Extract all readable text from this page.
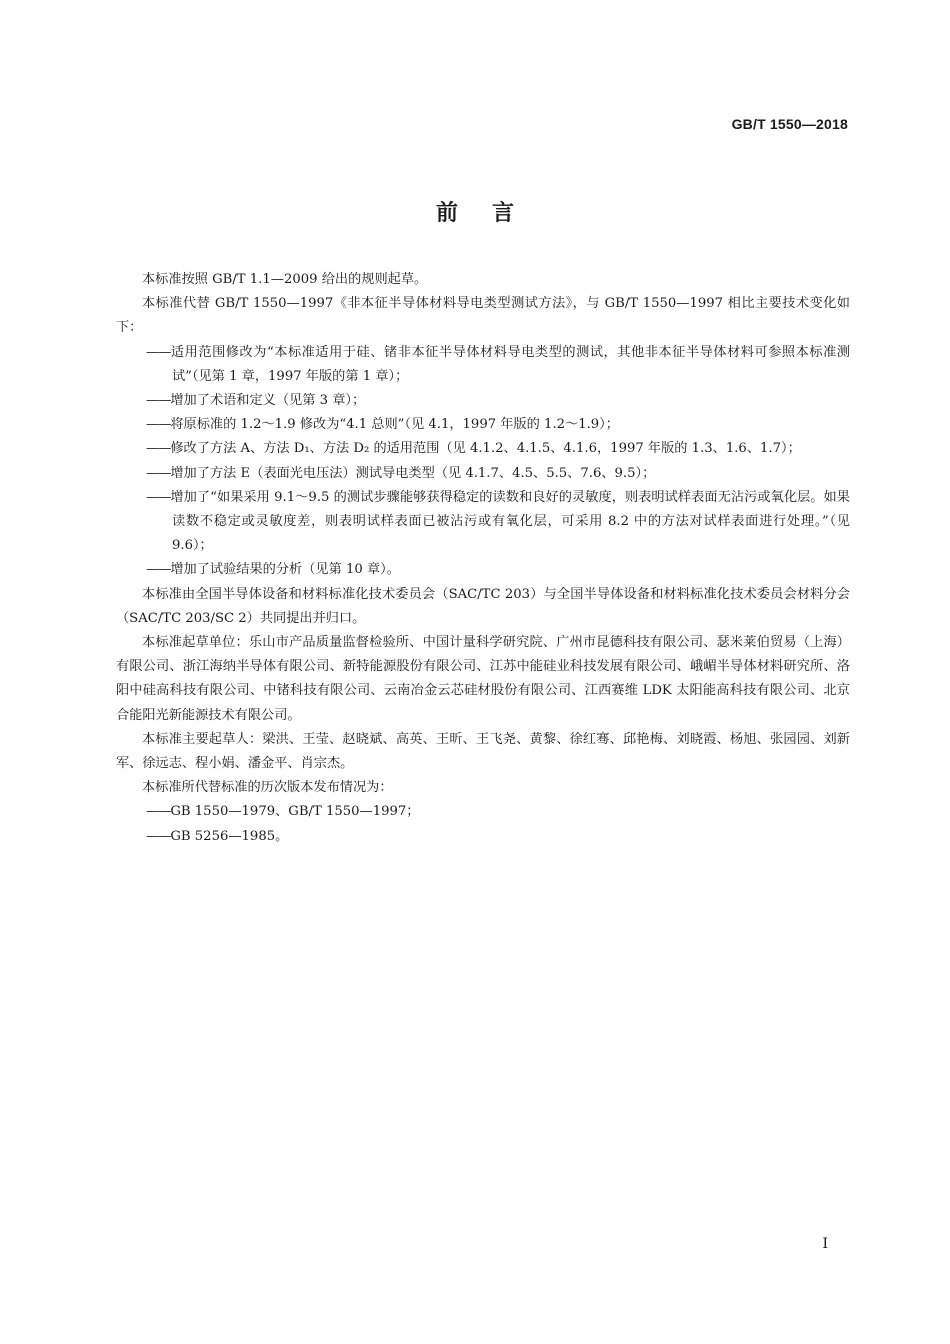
GB/T 1550—2018
前言

本标准按照 GB/T 1.1—2009 给出的规则起草。

本标准代替 GB/T 1550—1997《非本征半导体材料导电类型测试方法》，与 GB/T 1550—1997 相比主要技术变化如下：

—— 适用范围修改为“本标准适用于硅、锗非本征半导体材料导电类型的测试，其他非本征半导体材料可参照本标准测试”（见第 1 章，1997 年版的第 1 章）；

—— 增加了术语和定义（见第 3 章）；

—— 将原标准的 1.2～1.9 修改为“4.1 总则”（见 4.1，1997 年版的 1.2～1.9）；

—— 修改了方法 A、方法 D₁、方法 D₂ 的适用范围（见 4.1.2、4.1.5、4.1.6，1997 年版的 1.3、1.6、1.7）；

—— 增加了方法 E（表面光电压法）测试导电类型（见 4.1.7、4.5、5.5、7.6、9.5）；

—— 增加了“如果采用 9.1～9.5 的测试步骤能够获得稳定的读数和良好的灵敏度，则表明试样表面无沾污或氧化层。如果读数不稳定或灵敏度差，则表明试样表面已被沾污或有氧化层，可采用 8.2 中的方法对试样表面进行处理。”（见 9.6）；

—— 增加了试验结果的分析（见第 10 章）。

本标准由全国半导体设备和材料标准化技术委员会（SAC/TC 203）与全国半导体设备和材料标准化技术委员会材料分会（SAC/TC 203/SC 2）共同提出并归口。

本标准起草单位：乐山市产品质量监督检验所、中国计量科学研究院、广州市昆德科技有限公司、瑟米莱伯贸易（上海）有限公司、浙江海纳半导体有限公司、新特能源股份有限公司、江苏中能硅业科技发展有限公司、峨嵋半导体材料研究所、洛阳中硅高科技有限公司、中锗科技有限公司、云南冶金云芯硅材股份有限公司、江西赛维 LDK 太阳能高科技有限公司、北京合能阳光新能源技术有限公司。

本标准主要起草人：梁洪、王莹、赵晓斌、高英、王昕、王飞尧、黄黎、徐红骞、邱艳梅、刘晓霞、杨旭、张园园、刘新军、徐远志、程小娟、潘金平、肖宗杰。

本标准所代替标准的历次版本发布情况为：

—— GB 1550—1979、GB/T 1550—1997；

—— GB 5256—1985。

I
